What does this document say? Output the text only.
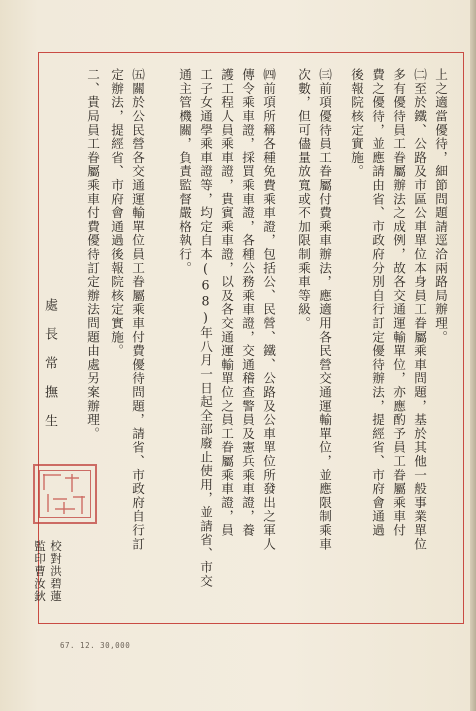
上之適當優待，細節問題請逕洽兩路局辦理。
㈡至於鐵、公路及市區公車單位本身員工眷屬乘車問題，基於其他一般事業單位
多有優待員工眷屬辦法之成例，故各交通運輸單位，亦應酌予員工眷屬乘車付
費之優待，並應請由省、市政府分別自行訂定優待辦法，提經省、市府會通過
後報院核定實施。
㈢前項優待員工眷屬付費乘車辦法，應適用各民營交通運輸單位，並應限制乘車
次數，但可儘量放寬或不加限制乘車等級。
㈣前項所稱各種免費乘車證，包括公、民營、鐵、公路及公車單位所發出之軍人
傳令乘車證，採買乘車證，各種公務乘車證，交通稽查警員及憲兵乘車證，養
護工程人員乘車證，貴賓乘車證，以及各交通運輸單位之員工眷屬乘車證，員
工子女通學乘車證等，均定自本(68)年八月一日起全部廢止使用，並請省、市交
通主管機關，負責監督嚴格執行。
㈤關於公民營各交通運輸單位員工眷屬乘車付費優待問題，請省、市政府自行訂
定辦法，提經省、市府會通過後報院核定實施。
二、貴局員工眷屬乘車付費優待訂定辦法問題由處另案辦理。
處長常撫生
校對洪碧蓮
監印曹汝鈥
67. 12. 30,000
